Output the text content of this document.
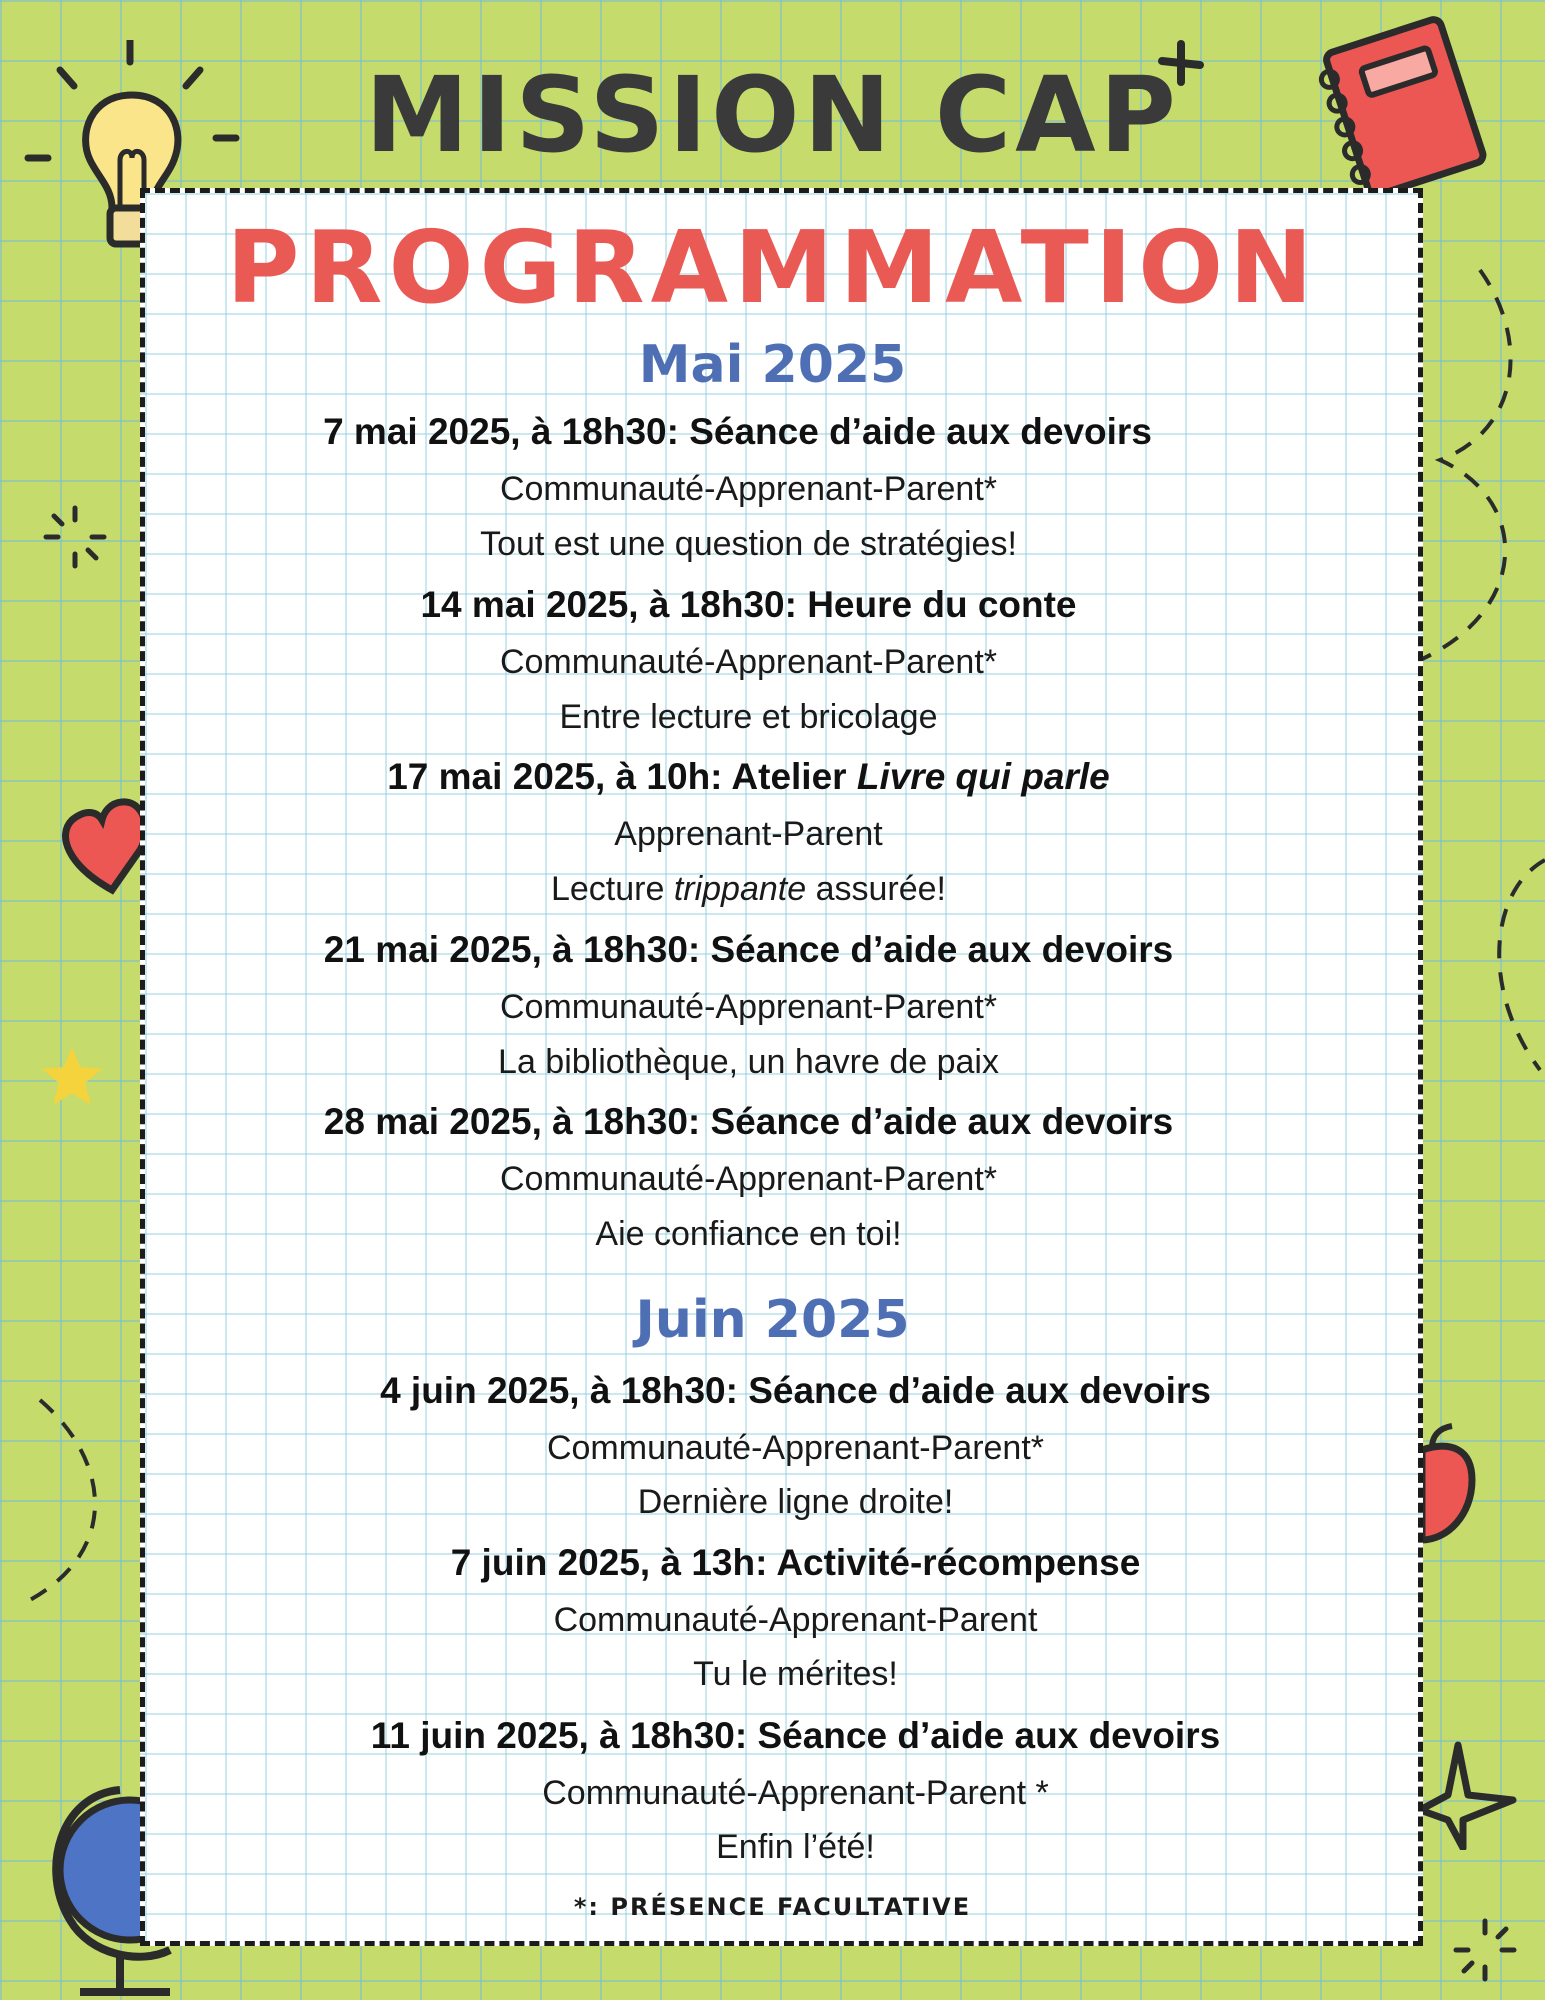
MISSION CAP
PROGRAMMATION
Mai 2025
7 mai 2025, à 18h30: Séance d’aide aux devoirs
Communauté-Apprenant-Parent*
Tout est une question de stratégies!
14 mai 2025, à 18h30: Heure du conte
Communauté-Apprenant-Parent*
Entre lecture et bricolage
17 mai 2025, à 10h: Atelier Livre qui parle
Apprenant-Parent
Lecture trippante assurée!
21 mai 2025, à 18h30: Séance d’aide aux devoirs
Communauté-Apprenant-Parent*
La bibliothèque, un havre de paix
28 mai 2025, à 18h30: Séance d’aide aux devoirs
Communauté-Apprenant-Parent*
Aie confiance en toi!
Juin 2025
4 juin 2025, à 18h30: Séance d’aide aux devoirs
Communauté-Apprenant-Parent*
Dernière ligne droite!
7 juin 2025, à 13h: Activité-récompense
Communauté-Apprenant-Parent
Tu le mérites!
11 juin 2025, à 18h30: Séance d’aide aux devoirs
Communauté-Apprenant-Parent *
Enfin l’été!
*: PRÉSENCE FACULTATIVE
